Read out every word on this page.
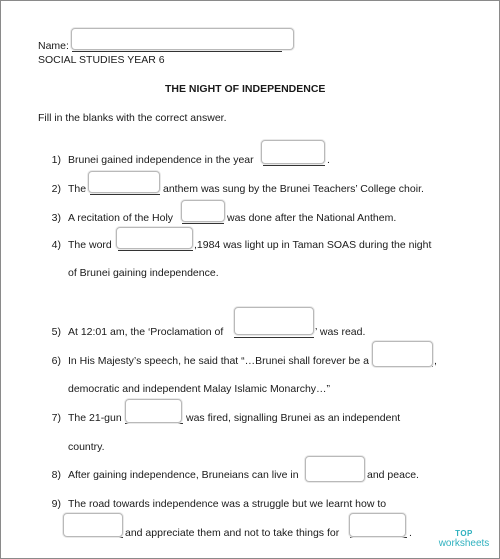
Name:
SOCIAL STUDIES YEAR 6
THE NIGHT OF INDEPENDENCE
Fill in the blanks with the correct answer.
1) Brunei gained independence in the year	.
2) The	anthem was sung by the Brunei Teachers’ College choir.
3) A recitation of the Holy	was done after the National Anthem.
4) The word	,1984 was light up in Taman SOAS during the night
of Brunei gaining independence.
5) At 12:01 am, the ‘Proclamation of	’ was read.
6) In His Majesty’s speech, he said that “…Brunei shall forever be a	,
democratic and independent Malay Islamic Monarchy…”
7) The 21-gun	was fired, signalling Brunei as an independent
country.
8) After gaining independence, Bruneians can live in	and peace.
9) The road towards independence was a struggle but we learnt how to
and appreciate them and not to take things for	.	TOP
worksheets
